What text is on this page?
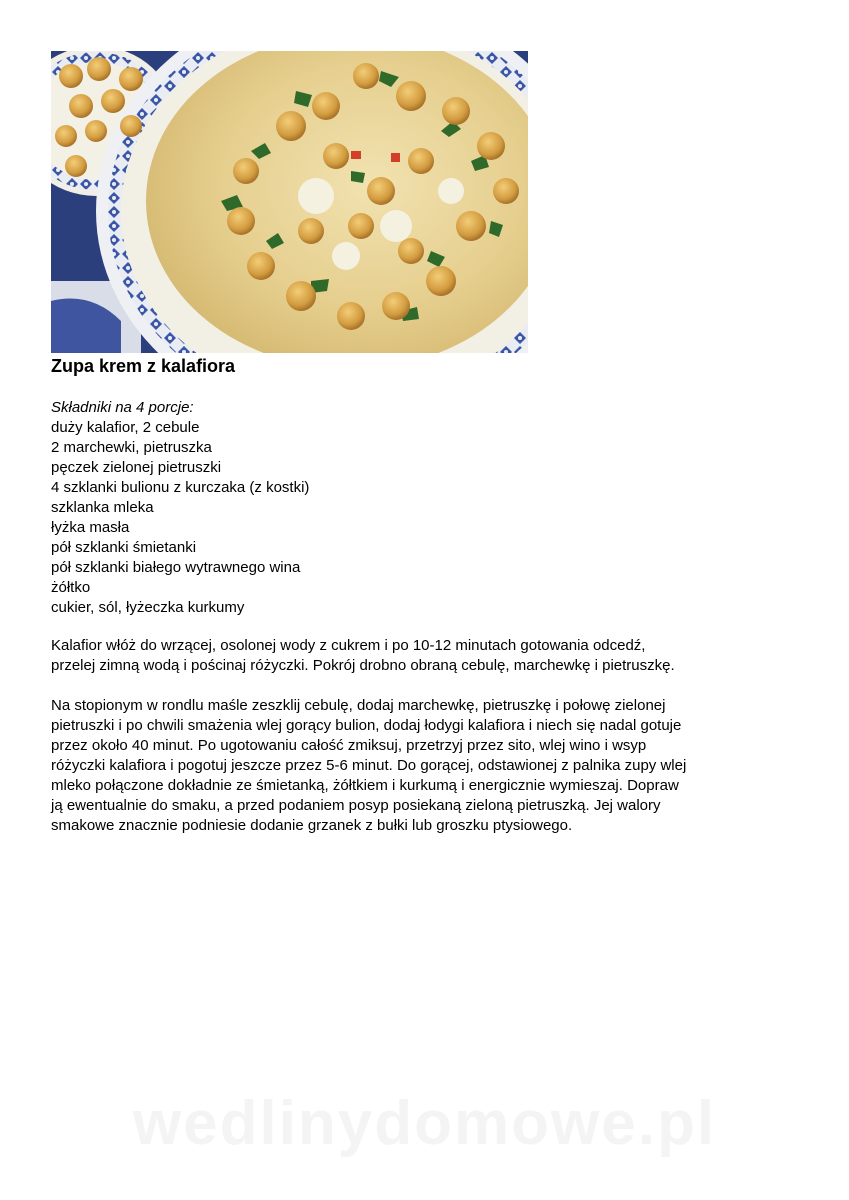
Zupa krem z kalafiora
Składniki na 4 porcje:
duży kalafior, 2 cebule
2 marchewki, pietruszka
pęczek zielonej pietruszki
4 szklanki bulionu z kurczaka (z kostki)
szklanka mleka
łyżka masła
pół szklanki śmietanki
pół szklanki białego wytrawnego wina
żółtko
cukier, sól, łyżeczka kurkumy
Kalafior włóż do wrzącej, osolonej wody z cukrem i po 10-12 minutach gotowania odcedź,
przelej zimną wodą i pościnaj różyczki. Pokrój drobno obraną cebulę, marchewkę i pietruszkę.
Na stopionym w rondlu maśle zeszklij cebulę, dodaj marchewkę, pietruszkę i połowę zielonej
pietruszki i po chwili smażenia wlej gorący bulion, dodaj łodygi kalafiora i niech się nadal gotuje
przez około 40 minut. Po ugotowaniu całość zmiksuj, przetrzyj przez sito, wlej wino i wsyp
różyczki kalafiora i pogotuj jeszcze przez 5-6 minut. Do gorącej, odstawionej z palnika zupy wlej
mleko połączone dokładnie ze śmietanką, żółtkiem i kurkumą i energicznie wymieszaj. Dopraw
ją ewentualnie do smaku, a przed podaniem posyp posiekaną zieloną pietruszką. Jej walory
smakowe znacznie podniesie dodanie grzanek z bułki lub groszku ptysiowego.
wedlinydomowe.pl
